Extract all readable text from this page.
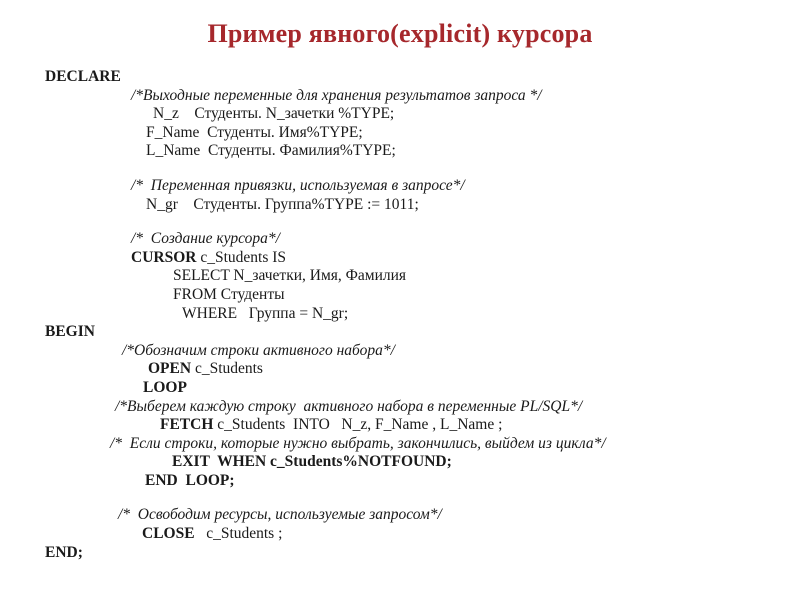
Пример явного(explicit) курсора
DECLARE
/*Выходные переменные для хранения результатов запроса */
N_z    Студенты. N_зачетки %TYPE;
F_Name  Студенты. Имя%TYPE;
L_Name  Студенты. Фамилия%TYPE;
/*  Переменная привязки, используемая в запросе*/
N_gr    Студенты. Группа%TYPE := 1011;
/*  Создание курсора*/
CURSOR c_Students IS
SELECT N_зачетки, Имя, Фамилия
FROM Студенты
WHERE   Группа = N_gr;
BEGIN
/*Обозначим строки активного набора*/
OPEN c_Students
LOOP
/*Выберем каждую строку  активного набора в переменные PL/SQL*/
FETCH c_Students  INTO   N_z, F_Name , L_Name ;
/*  Если строки, которые нужно выбрать, закончились, выйдем из цикла*/
EXIT  WHEN c_Students%NOTFOUND;
END  LOOP;
/*  Освободим ресурсы, используемые запросом*/
CLOSE   c_Students ;
END;
